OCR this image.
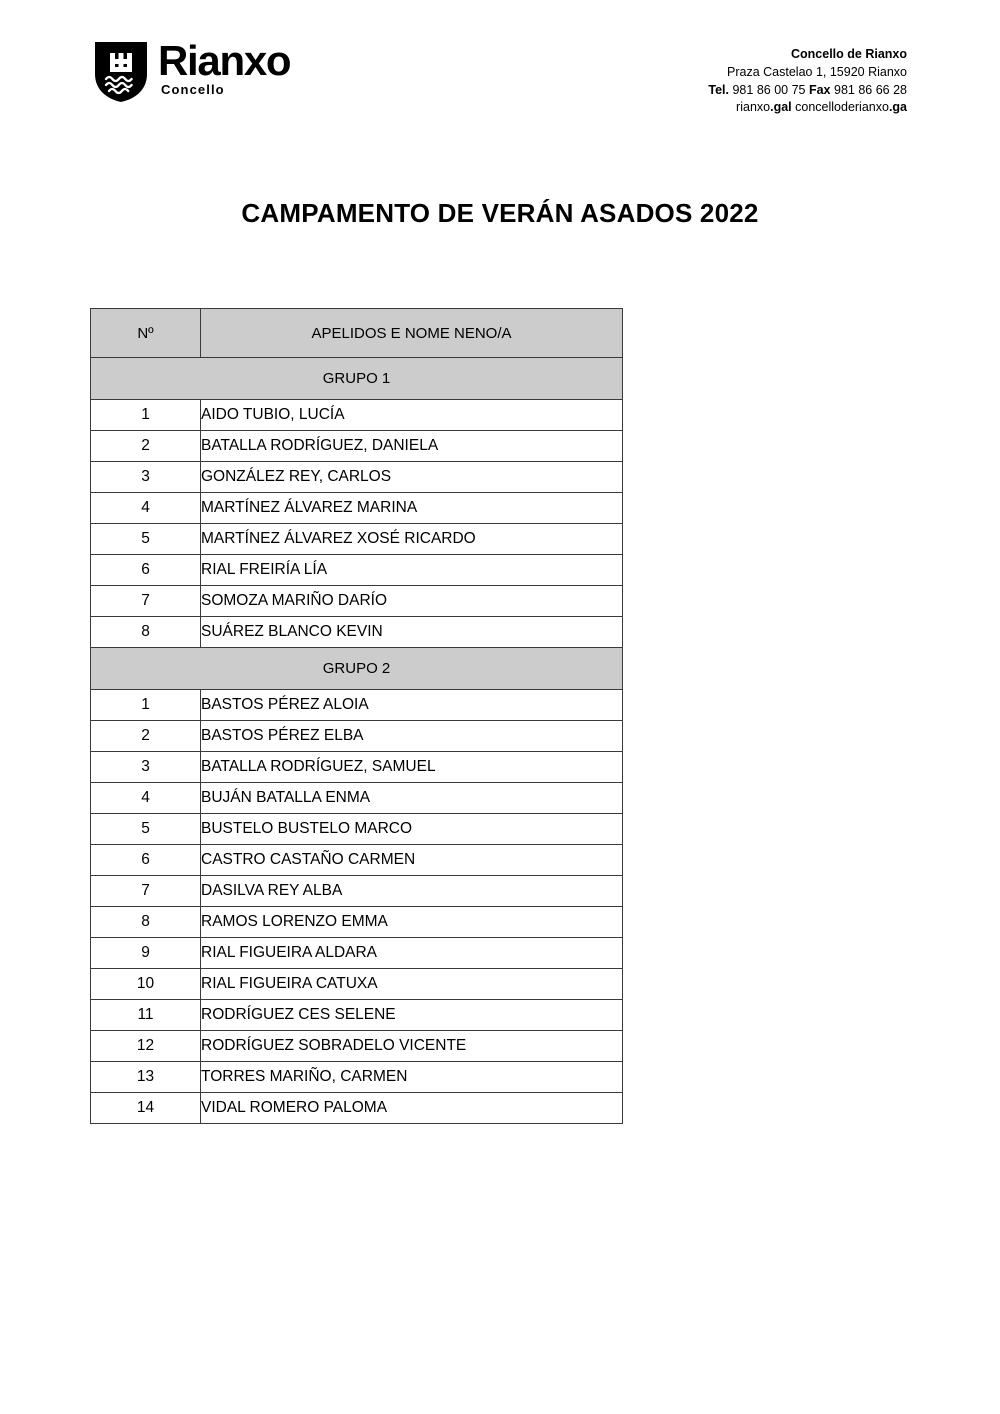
Rianxo
Concello
Concello de Rianxo
Praza Castelao 1, 15920 Rianxo
Tel. 981 86 00 75 Fax 981 86 66 28
rianxo.gal concelloderianxo.ga
CAMPAMENTO DE VERÁN ASADOS 2022
Nº	APELIDOS E NOME NENO/A
GRUPO 1	
1	AIDO TUBIO, LUCÍA
2	BATALLA RODRÍGUEZ, DANIELA
3	GONZÁLEZ REY, CARLOS
4	MARTÍNEZ ÁLVAREZ MARINA
5	MARTÍNEZ ÁLVAREZ XOSÉ RICARDO
6	RIAL FREIRÍA LÍA
7	SOMOZA MARIÑO DARÍO
8	SUÁREZ BLANCO KEVIN
GRUPO 2	
1	BASTOS PÉREZ ALOIA
2	BASTOS PÉREZ ELBA
3	BATALLA RODRÍGUEZ, SAMUEL
4	BUJÁN BATALLA ENMA
5	BUSTELO BUSTELO MARCO
6	CASTRO CASTAÑO CARMEN
7	DASILVA REY ALBA
8	RAMOS LORENZO EMMA
9	RIAL FIGUEIRA ALDARA
10	RIAL FIGUEIRA CATUXA
11	RODRÍGUEZ CES SELENE
12	RODRÍGUEZ SOBRADELO VICENTE
13	TORRES MARIÑO, CARMEN
14	VIDAL ROMERO PALOMA
